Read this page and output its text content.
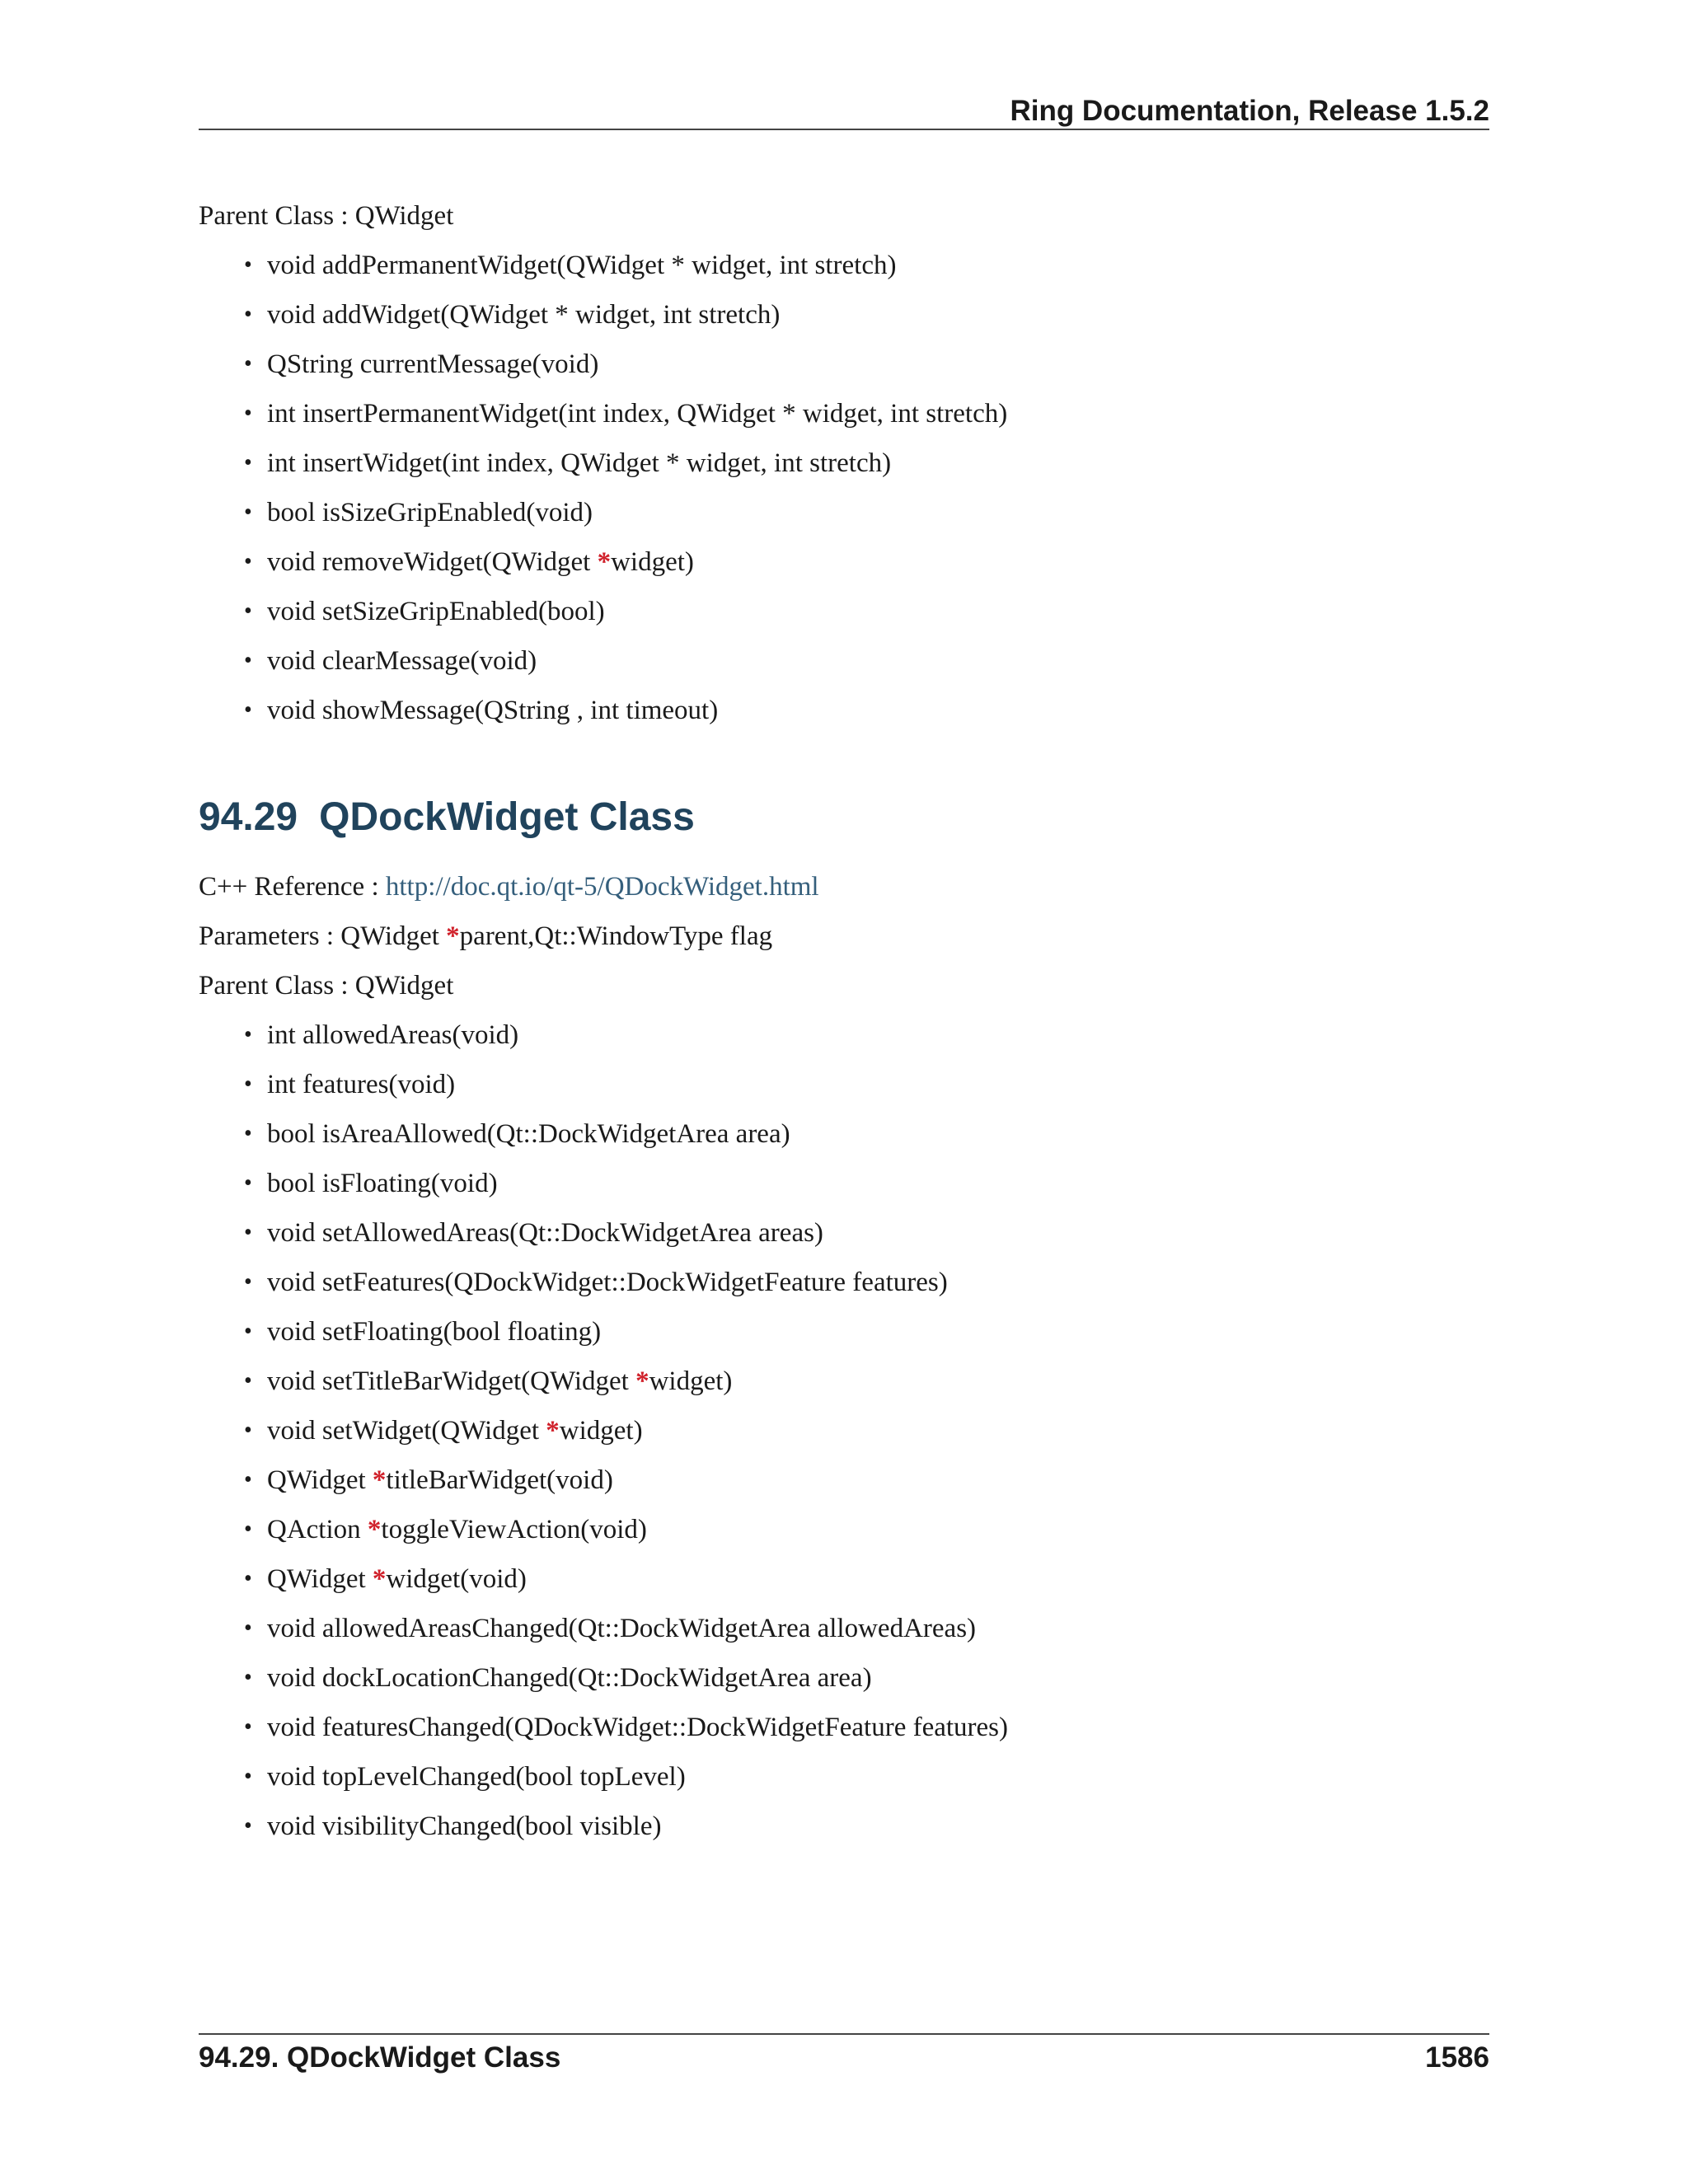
Ring Documentation, Release 1.5.2
Parent Class : QWidget
• void addPermanentWidget(QWidget * widget, int stretch)
• void addWidget(QWidget * widget, int stretch)
• QString currentMessage(void)
• int insertPermanentWidget(int index, QWidget * widget, int stretch)
• int insertWidget(int index, QWidget * widget, int stretch)
• bool isSizeGripEnabled(void)
• void removeWidget(QWidget *widget)
• void setSizeGripEnabled(bool)
• void clearMessage(void)
• void showMessage(QString , int timeout)
94.29 QDockWidget Class
C++ Reference : http://doc.qt.io/qt-5/QDockWidget.html
Parameters : QWidget *parent,Qt::WindowType flag
Parent Class : QWidget
• int allowedAreas(void)
• int features(void)
• bool isAreaAllowed(Qt::DockWidgetArea area)
• bool isFloating(void)
• void setAllowedAreas(Qt::DockWidgetArea areas)
• void setFeatures(QDockWidget::DockWidgetFeature features)
• void setFloating(bool floating)
• void setTitleBarWidget(QWidget *widget)
• void setWidget(QWidget *widget)
• QWidget *titleBarWidget(void)
• QAction *toggleViewAction(void)
• QWidget *widget(void)
• void allowedAreasChanged(Qt::DockWidgetArea allowedAreas)
• void dockLocationChanged(Qt::DockWidgetArea area)
• void featuresChanged(QDockWidget::DockWidgetFeature features)
• void topLevelChanged(bool topLevel)
• void visibilityChanged(bool visible)
94.29. QDockWidget Class	1586
